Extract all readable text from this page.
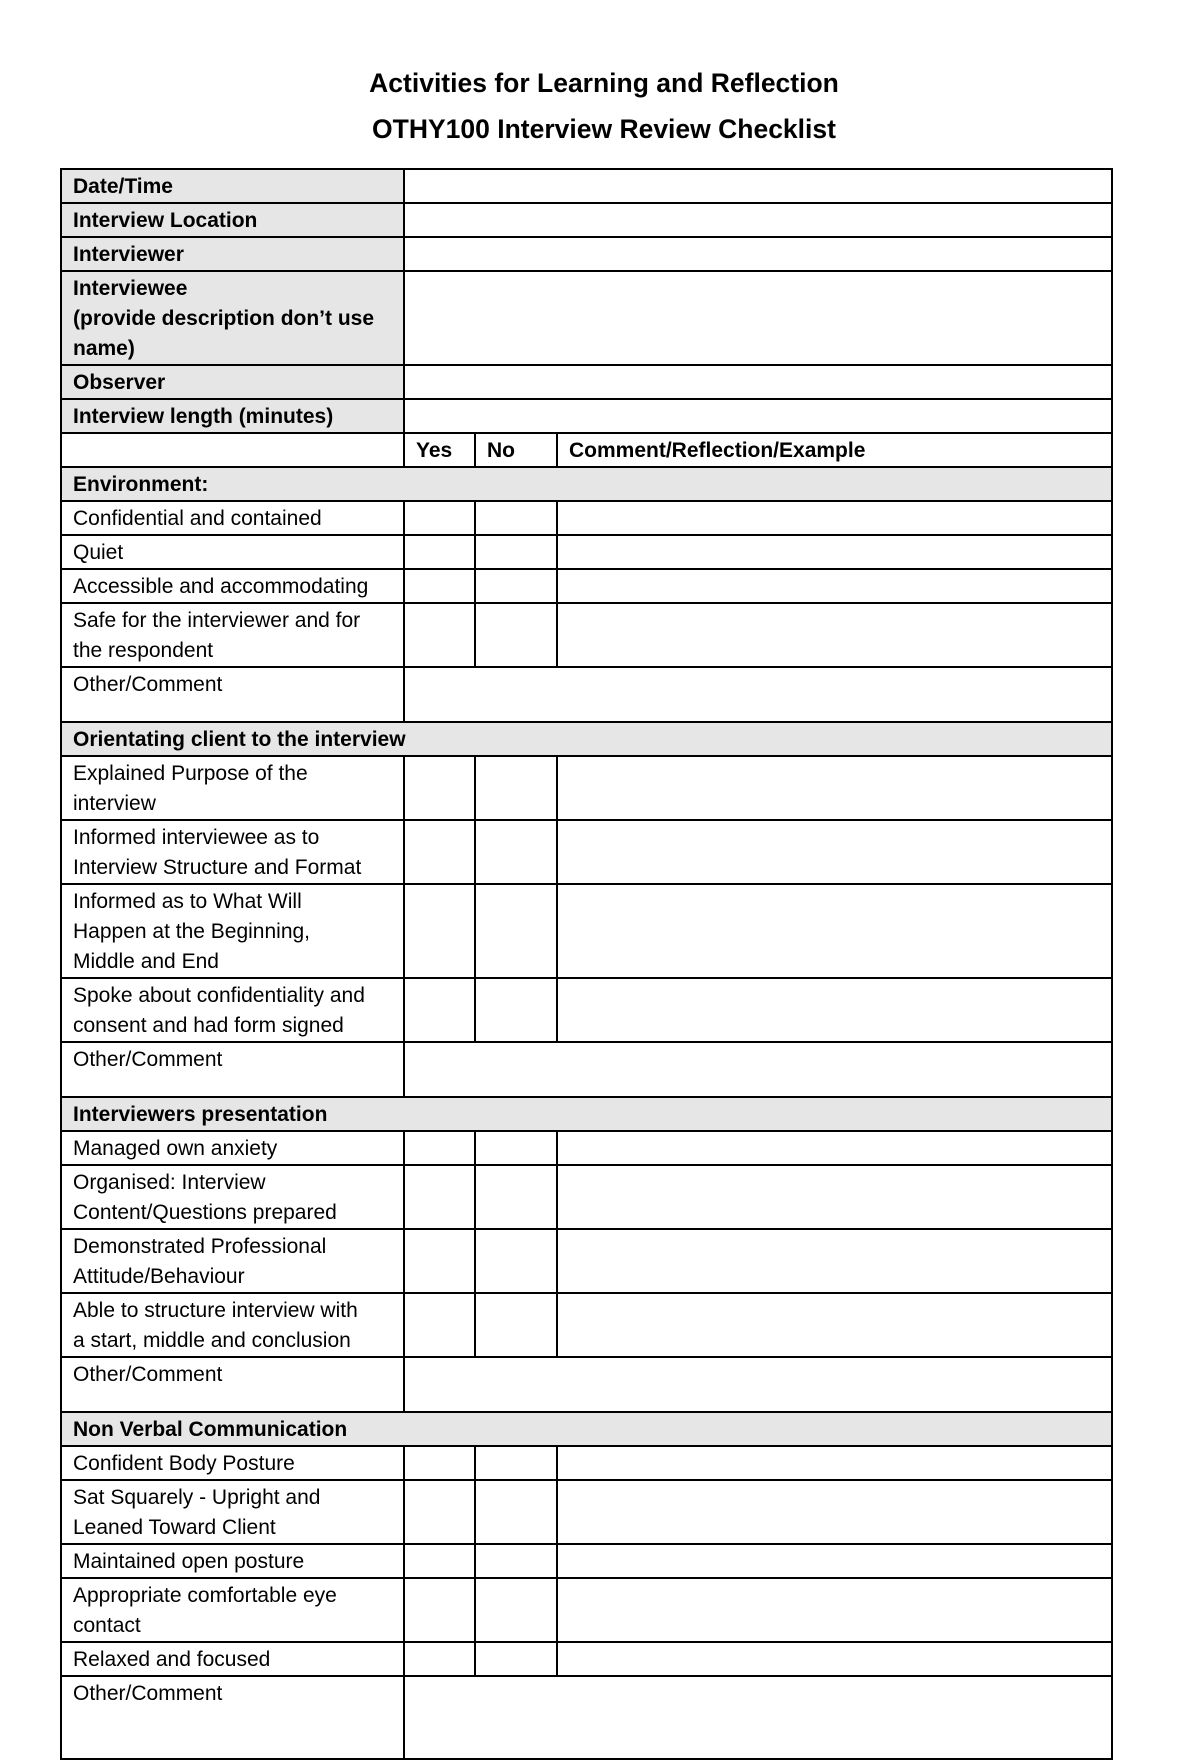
Activities for Learning and Reflection
OTHY100 Interview Review Checklist
Date/Time			
Interview Location			
Interviewer			

Interviewee
(provide description don’t use
name)			

Observer			
Interview length (minutes)			
	Yes	No	Comment/Reflection/Example
Environment:			

Confidential and contained			

Quiet			

Accessible and accommodating			

Safe for the interviewer and for
the respondent			

Other/Comment			
Orientating client to the interview			

Explained Purpose of the
interview			

Informed interviewee as to
Interview Structure and Format			

Informed as to What Will
Happen at the Beginning,
Middle and End			

Spoke about confidentiality and
consent and had form signed			

Other/Comment			
Interviewers presentation			

Managed own anxiety			

Organised: Interview
Content/Questions prepared			

Demonstrated Professional
Attitude/Behaviour			

Able to structure interview with
a start, middle and conclusion			

Other/Comment			
Non Verbal Communication			

Confident Body Posture			

Sat Squarely - Upright and
Leaned Toward Client			

Maintained open posture			

Appropriate comfortable eye
contact			

Relaxed and focused			

Other/Comment			
